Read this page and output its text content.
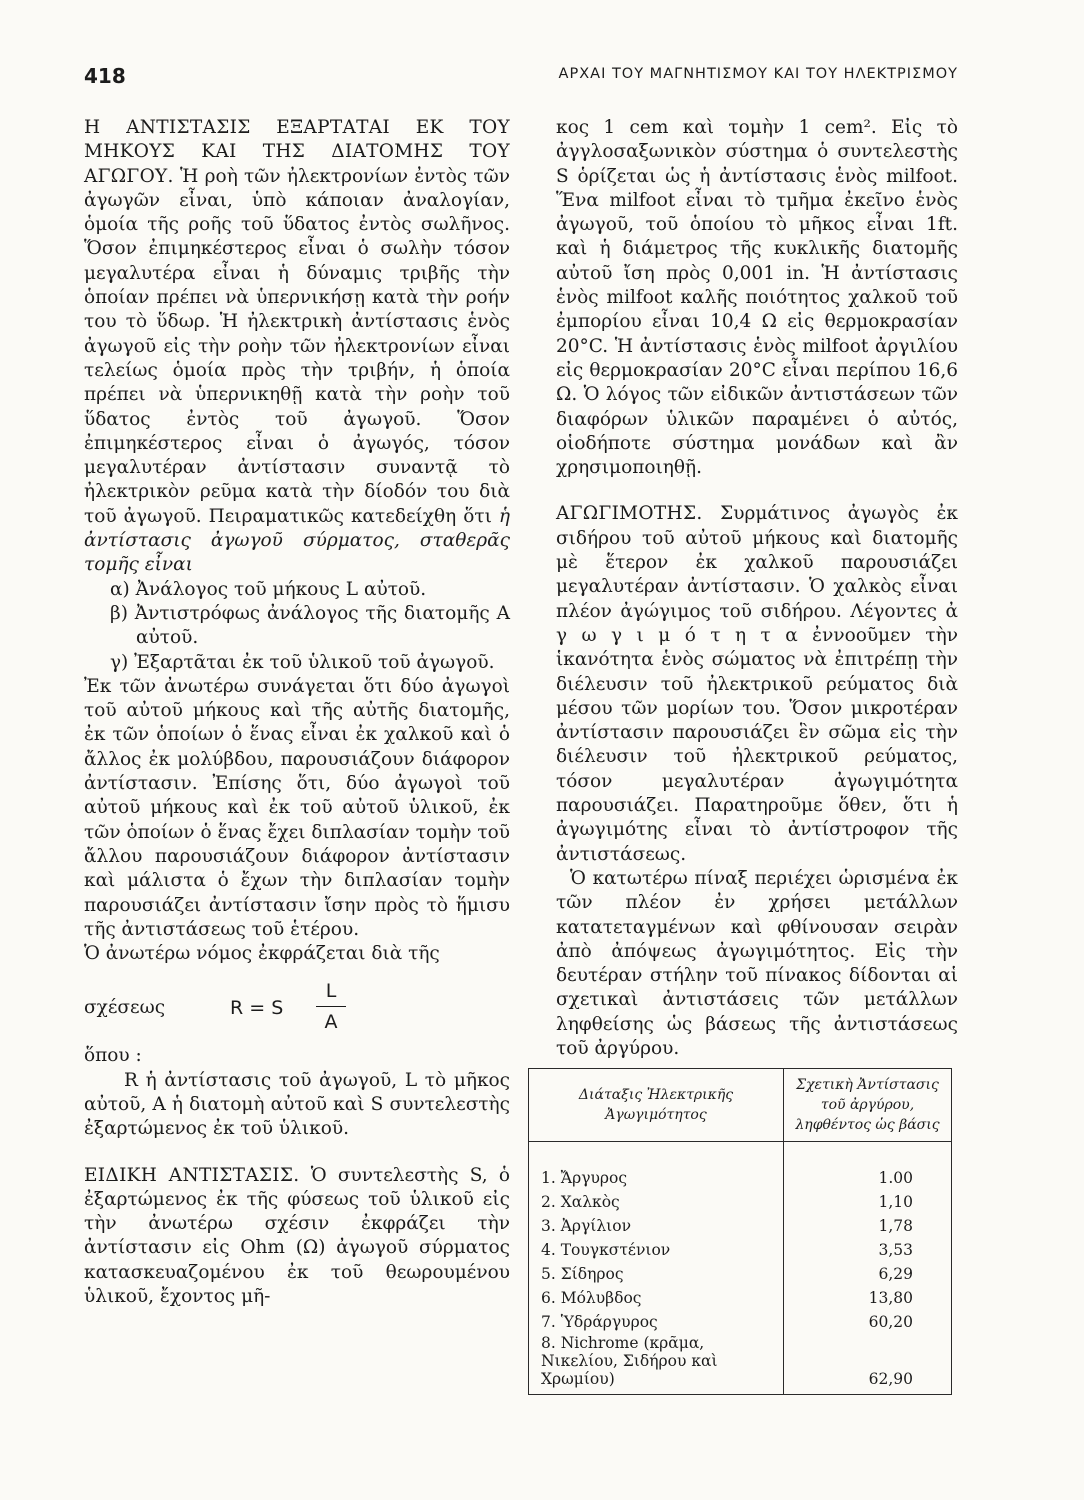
418	ΑΡΧΑΙ ΤΟΥ ΜΑΓΝΗΤΙΣΜΟΥ ΚΑΙ ΤΟΥ ΗΛΕΚΤΡΙΣΜΟΥ

Η ΑΝΤΙΣΤΑΣΙΣ ΕΞΑΡΤΑΤΑΙ ΕΚ ΤΟΥ ΜΗΚΟΥΣ ΚΑΙ ΤΗΣ ΔΙΑΤΟΜΗΣ ΤΟΥ ΑΓΩΓΟΥ. Ἡ ροὴ τῶν ἠλεκτρονίων ἐντὸς τῶν ἀγωγῶν εἶναι, ὑπὸ κάποιαν ἀναλογίαν, ὁμοία τῆς ροῆς τοῦ ὕδατος ἐντὸς σωλῆνος. Ὅσον ἐπιμηκέστερος εἶναι ὁ σωλὴν τόσον μεγαλυτέρα εἶναι ἡ δύναμις τριβῆς τὴν ὁποίαν πρέπει νὰ ὑπερνικήσῃ κατὰ τὴν ροήν του τὸ ὕδωρ. Ἡ ἠλεκτρικὴ ἀντίστασις ἑνὸς ἀγωγοῦ εἰς τὴν ροὴν τῶν ἠλεκτρονίων εἶναι τελείως ὁμοία πρὸς τὴν τριβήν, ἡ ὁποία πρέπει νὰ ὑπερνικηθῇ κατὰ τὴν ροὴν τοῦ ὕδατος ἐντὸς τοῦ ἀγωγοῦ. Ὅσον ἐπιμηκέστερος εἶναι ὁ ἀγωγός, τόσον μεγαλυτέραν ἀντίστασιν συναντᾷ τὸ ἠλεκτρικὸν ρεῦμα κατὰ τὴν δίοδόν του διὰ τοῦ ἀγωγοῦ. Πειραματικῶς κατεδείχθη ὅτι ἡ ἀντίστασις ἀγωγοῦ σύρματος, σταθερᾶς τομῆς εἶναι

α) Ἀνάλογος τοῦ μήκους L αὐτοῦ.

β) Ἀντιστρόφως ἀνάλογος τῆς διατομῆς A αὐτοῦ.

γ) Ἐξαρτᾶται ἐκ τοῦ ὑλικοῦ τοῦ ἀγωγοῦ.

Ἐκ τῶν ἀνωτέρω συνάγεται ὅτι δύο ἀγωγοὶ τοῦ αὐτοῦ μήκους καὶ τῆς αὐτῆς διατομῆς, ἐκ τῶν ὁποίων ὁ ἕνας εἶναι ἐκ χαλκοῦ καὶ ὁ ἄλλος ἐκ μολύβδου, παρουσιάζουν διάφορον ἀντίστασιν. Ἐπίσης ὅτι, δύο ἀγωγοὶ τοῦ αὐτοῦ μήκους καὶ ἐκ τοῦ αὐτοῦ ὑλικοῦ, ἐκ τῶν ὁποίων ὁ ἕνας ἔχει διπλασίαν τομὴν τοῦ ἄλλου παρουσιάζουν διάφορον ἀντίστασιν καὶ μάλιστα ὁ ἔχων τὴν διπλασίαν τομὴν παρουσιάζει ἀντίστασιν ἴσην πρὸς τὸ ἥμισυ τῆς ἀντιστάσεως τοῦ ἑτέρου.

Ὁ ἀνωτέρω νόμος ἐκφράζεται διὰ τῆς

σχέσεως	R = S
L
A

ὅπου :

R ἡ ἀντίστασις τοῦ ἀγωγοῦ, L τὸ μῆκος αὐτοῦ, A ἡ διατομὴ αὐτοῦ καὶ S συντελεστὴς ἐξαρτώμενος ἐκ τοῦ ὑλικοῦ.

ΕΙΔΙΚΗ ΑΝΤΙΣΤΑΣΙΣ. Ὁ συντελεστὴς S, ὁ ἐξαρτώμενος ἐκ τῆς φύσεως τοῦ ὑλικοῦ εἰς τὴν ἀνωτέρω σχέσιν ἐκφράζει τὴν ἀντίστασιν εἰς Ohm (Ω) ἀγωγοῦ σύρματος κατασκευαζομένου ἐκ τοῦ θεωρουμένου ὑλικοῦ, ἔχοντος μῆ-

κος 1 cem καὶ τομὴν 1 cem². Εἰς τὸ ἀγγλοσαξωνικὸν σύστημα ὁ συντελεστὴς S ὁρίζεται ὡς ἡ ἀντίστασις ἑνὸς milfoot. Ἕνα milfoot εἶναι τὸ τμῆμα ἐκεῖνο ἑνὸς ἀγωγοῦ, τοῦ ὁποίου τὸ μῆκος εἶναι 1ft. καὶ ἡ διάμετρος τῆς κυκλικῆς διατομῆς αὐτοῦ ἴση πρὸς 0,001 in. Ἡ ἀντίστασις ἑνὸς milfoot καλῆς ποιότητος χαλκοῦ τοῦ ἐμπορίου εἶναι 10,4 Ω εἰς θερμοκρασίαν 20°C. Ἡ ἀντίστασις ἑνὸς milfoot ἀργιλίου εἰς θερμοκρασίαν 20°C εἶναι περίπου 16,6 Ω. Ὁ λόγος τῶν εἰδικῶν ἀντιστάσεων τῶν διαφόρων ὑλικῶν παραμένει ὁ αὐτός, οἱοδήποτε σύστημα μονάδων καὶ ἂν χρησιμοποιηθῇ.

ΑΓΩΓΙΜΟΤΗΣ. Συρμάτινος ἀγωγὸς ἐκ σιδήρου τοῦ αὐτοῦ μήκους καὶ διατομῆς μὲ ἕτερον ἐκ χαλκοῦ παρουσιάζει μεγαλυτέραν ἀντίστασιν. Ὁ χαλκὸς εἶναι πλέον ἀγώγιμος τοῦ σιδήρου. Λέγοντες ἀ γ ω γ ι μ ό τ η τ α ἐννοοῦμεν τὴν ἱκανότητα ἑνὸς σώματος νὰ ἐπιτρέπῃ τὴν διέλευσιν τοῦ ἠλεκτρικοῦ ρεύματος διὰ μέσου τῶν μορίων του. Ὅσον μικροτέραν ἀντίστασιν παρουσιάζει ἓν σῶμα εἰς τὴν διέλευσιν τοῦ ἠλεκτρικοῦ ρεύματος, τόσον μεγαλυτέραν ἀγωγιμότητα παρουσιάζει. Παρατηροῦμε ὅθεν, ὅτι ἡ ἀγωγιμότης εἶναι τὸ ἀντίστροφον τῆς ἀντιστάσεως.

Ὁ κατωτέρω πίναξ περιέχει ὡρισμένα ἐκ τῶν πλέον ἐν χρήσει μετάλλων κατατεταγμένων καὶ φθίνουσαν σειρὰν ἀπὸ ἀπόψεως ἀγωγιμότητος. Εἰς τὴν δευτέραν στήλην τοῦ πίνακος δίδονται αἱ σχετικαὶ ἀντιστάσεις τῶν μετάλλων ληφθείσης ὡς βάσεως τῆς ἀντιστάσεως τοῦ ἀργύρου.

Διάταξις Ἠλεκτρικῆς Ἀγωγιμότητος	Σχετικὴ Ἀντίστασις τοῦ ἀργύρου, ληφθέντος ὡς βάσις
1. Ἄργυρος	1.00
2. Χαλκὸς	1,10
3. Ἀργίλιον	1,78
4. Τουγκστένιον	3,53
5. Σίδηρος	6,29
6. Μόλυβδος	13,80
7. Ὑδράργυρος	60,20
8. Nichrome (κρᾶμα, Νικελίου, Σιδήρου καὶ Χρωμίου)	62,90
